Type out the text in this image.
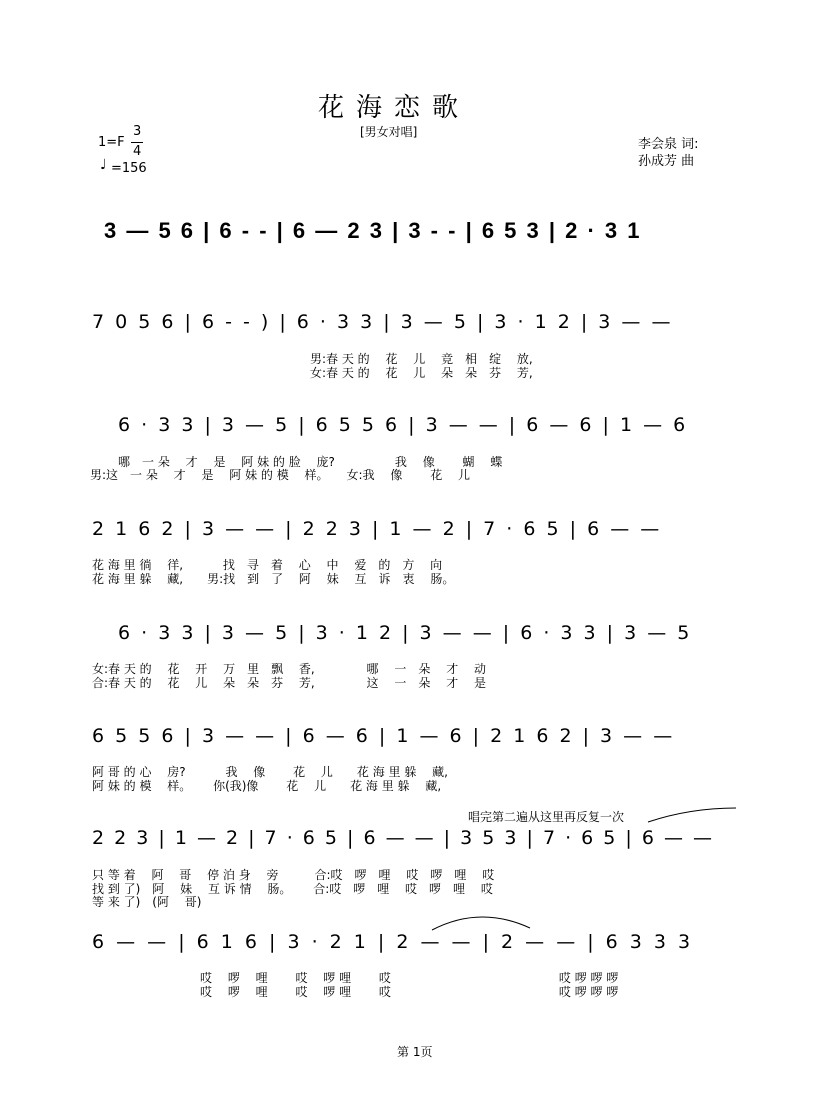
花海恋歌
[男女对唱]
1=F
3
4
♩ =156
李会泉 词:
孙成芳 曲
3 — 5 6 | 6 - - | 6 — 2 3 | 3 - - | 6 5 3 | 2 · 3 1
7 0 5 6 | 6 - - ) | 6 · 3 3 | 3 — 5 | 3 · 1 2 | 3 — —
男:春 天 的　 花　 儿　 竞　相　绽　 放,
女:春 天 的　 花　 儿　 朵　朵　芬　 芳,
6 · 3 3 | 3 — 5 | 6 5 5 6 | 3 — — | 6 — 6 | 1 — 6
哪　一 朵　 才　 是　 阿 妹 的 脸　 庞?　　　　　我　 像　　 蝴　 蝶
男:这　一 朵　 才　 是　 阿 妹 的 模　 样。　　女:我　 像　　 花　 儿
2 1 6 2 | 3 — — | 2 2 3 | 1 — 2 | 7 · 6 5 | 6 — —
花 海 里 徜　 徉,　　　 找　寻　着　 心　 中　 爱　的　方　 向
花 海 里 躲　 藏,　　男:找　到　了　 阿　 妹　 互　诉　衷　 肠。
6 · 3 3 | 3 — 5 | 3 · 1 2 | 3 — — | 6 · 3 3 | 3 — 5
女:春 天 的　 花　 开　 万　里　飘　 香,　　　　 哪　 一　朵　 才　 动
合:春 天 的　 花　 儿　 朵　朵　芬　 芳,　　　　 这　 一　朵　 才　 是
6 5 5 6 | 3 — — | 6 — 6 | 1 — 6 | 2 1 6 2 | 3 — —
阿 哥 的 心　 房?　　　 我　 像　　 花　 儿　　花 海 里 躲　 藏,
阿 妹 的 模　 样。　　 你(我)像　　 花　 儿　　花 海 里 躲　 藏,
唱完第二遍从这里再反复一次
2 2 3 | 1 — 2 | 7 · 6 5 | 6 — — | 3 5 3 | 7 · 6 5 | 6 — —
只 等 着　 阿　 哥　 停 泊 身　 旁　　　合:哎　啰　哩　 哎　啰　哩　 哎
找 到 了)　阿　 妹　 互 诉 情　 肠。　　 合:哎　啰　哩　 哎　啰　哩　 哎
等 来 了)　(阿　 哥)
6 — — | 6 1 6 | 3 · 2 1 | 2 — — | 2 — — | 6 3 3 3
哎　 啰　 哩　　 哎　 啰 哩　　 哎　　　　　　　　　　　　　　哎 啰 啰 啰
哎　 啰　 哩　　 哎　 啰 哩　　 哎　　　　　　　　　　　　　　哎 啰 啰 啰
第 1页
